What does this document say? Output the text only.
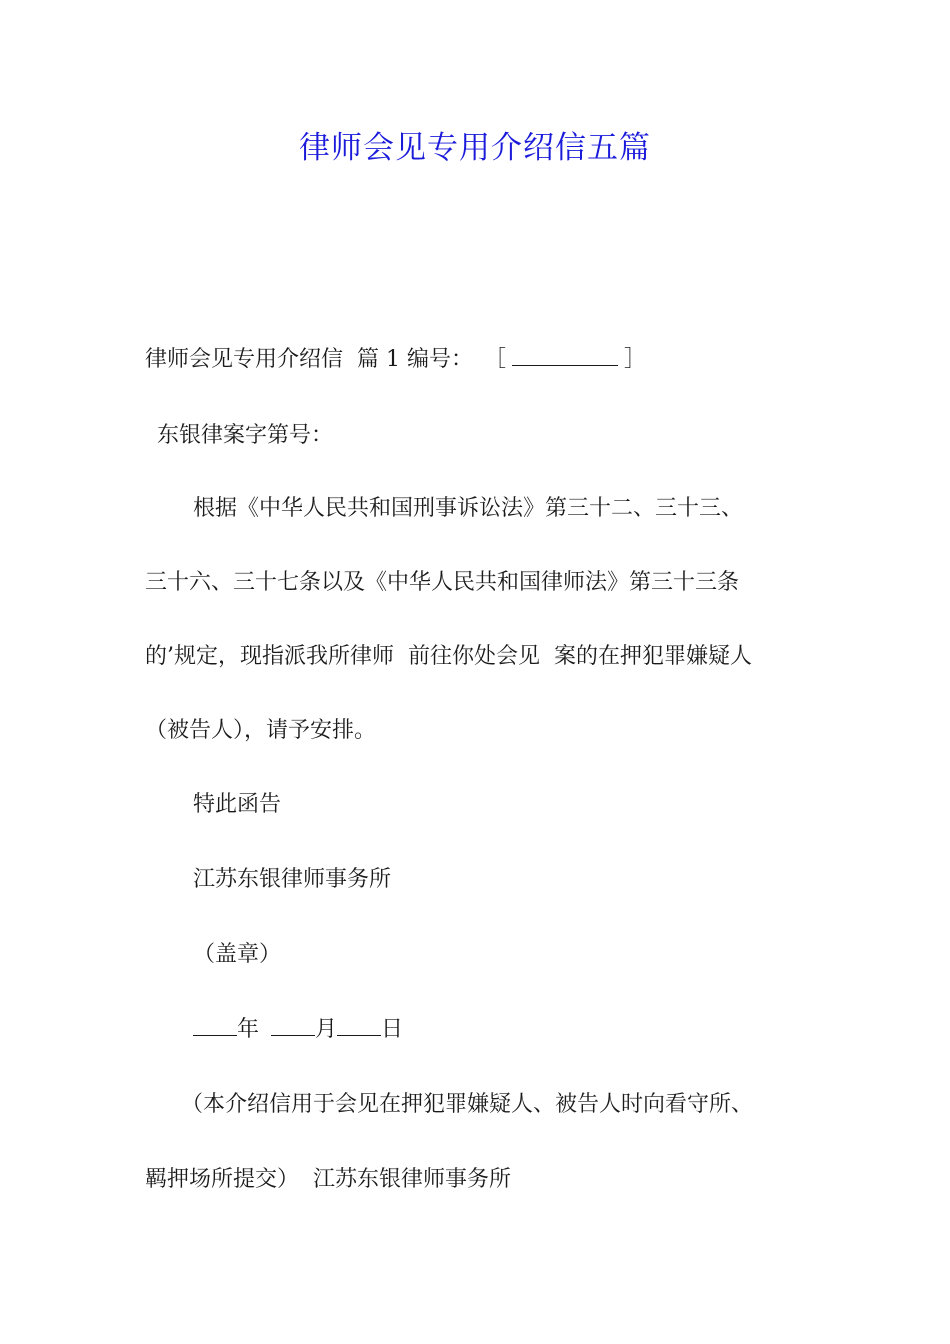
律师会见专用介绍信五篇
律师会见专用介绍信  篇 1 编号： ［	］
东银律案字第号：
根据《中华人民共和国刑事诉讼法》第三十二、三十三、
三十六、三十七条以及《中华人民共和国律师法》第三十三条
的’规定，现指派我所律师  前往你处会见  案的在押犯罪嫌疑人
（被告人），请予安排。
特此函告
江苏东银律师事务所
（盖章）
年	月 日
（本介绍信用于会见在押犯罪嫌疑人、被告人时向看守所、
羁押场所提交）  江苏东银律师事务所
